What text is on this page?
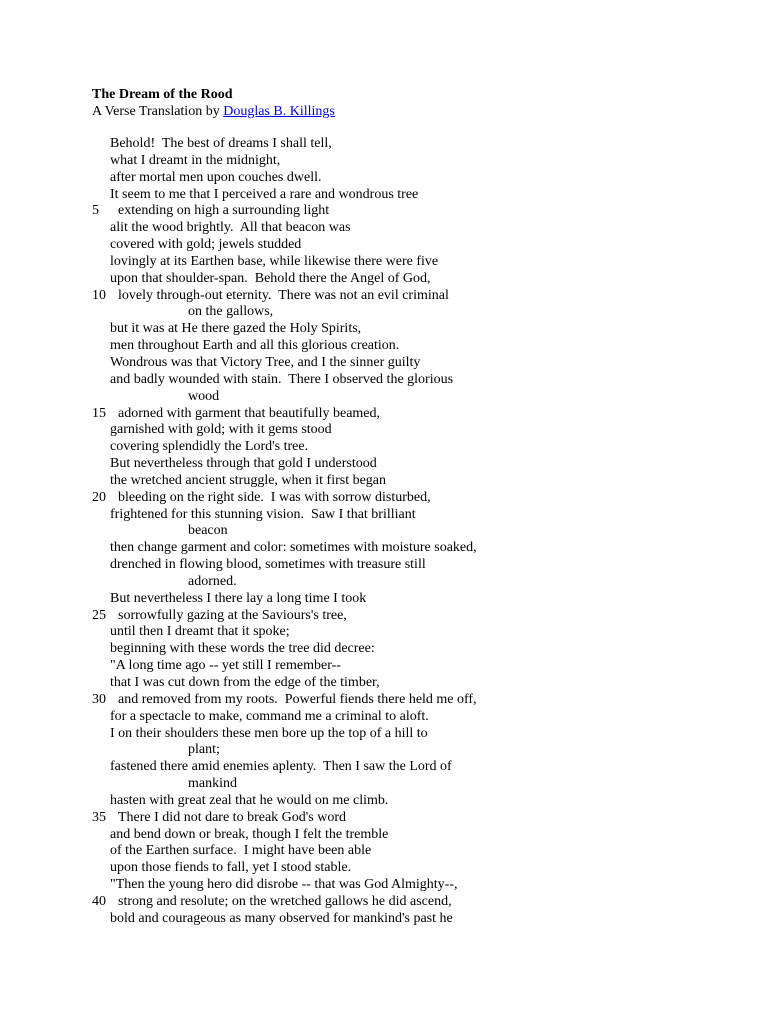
The Dream of the Rood

A Verse Translation by Douglas B. Killings

Behold!  The best of dreams I shall tell,
what I dreamt in the midnight,
after mortal men upon couches dwell.
It seem to me that I perceived a rare and wondrous tree
5 extending on high a surrounding light
alit the wood brightly.  All that beacon was
covered with gold; jewels studded
lovingly at its Earthen base, while likewise there were five
upon that shoulder-span.  Behold there the Angel of God,
10 lovely through-out eternity.  There was not an evil criminal
on the gallows,
but it was at He there gazed the Holy Spirits,
men throughout Earth and all this glorious creation.
Wondrous was that Victory Tree, and I the sinner guilty
and badly wounded with stain.  There I observed the glorious
wood
15 adorned with garment that beautifully beamed,
garnished with gold; with it gems stood
covering splendidly the Lord's tree.
But nevertheless through that gold I understood
the wretched ancient struggle, when it first began
20 bleeding on the right side.  I was with sorrow disturbed,
frightened for this stunning vision.  Saw I that brilliant
beacon
then change garment and color: sometimes with moisture soaked,
drenched in flowing blood, sometimes with treasure still
adorned.
But nevertheless I there lay a long time I took
25 sorrowfully gazing at the Saviours's tree,
until then I dreamt that it spoke;
beginning with these words the tree did decree:
"A long time ago -- yet still I remember--
that I was cut down from the edge of the timber,
30 and removed from my roots.  Powerful fiends there held me off,
for a spectacle to make, command me a criminal to aloft.
I on their shoulders these men bore up the top of a hill to
plant;
fastened there amid enemies aplenty.  Then I saw the Lord of
mankind
hasten with great zeal that he would on me climb.
35 There I did not dare to break God's word
and bend down or break, though I felt the tremble
of the Earthen surface.  I might have been able
upon those fiends to fall, yet I stood stable.
"Then the young hero did disrobe -- that was God Almighty--,
40 strong and resolute; on the wretched gallows he did ascend,
bold and courageous as many observed for mankind's past he
